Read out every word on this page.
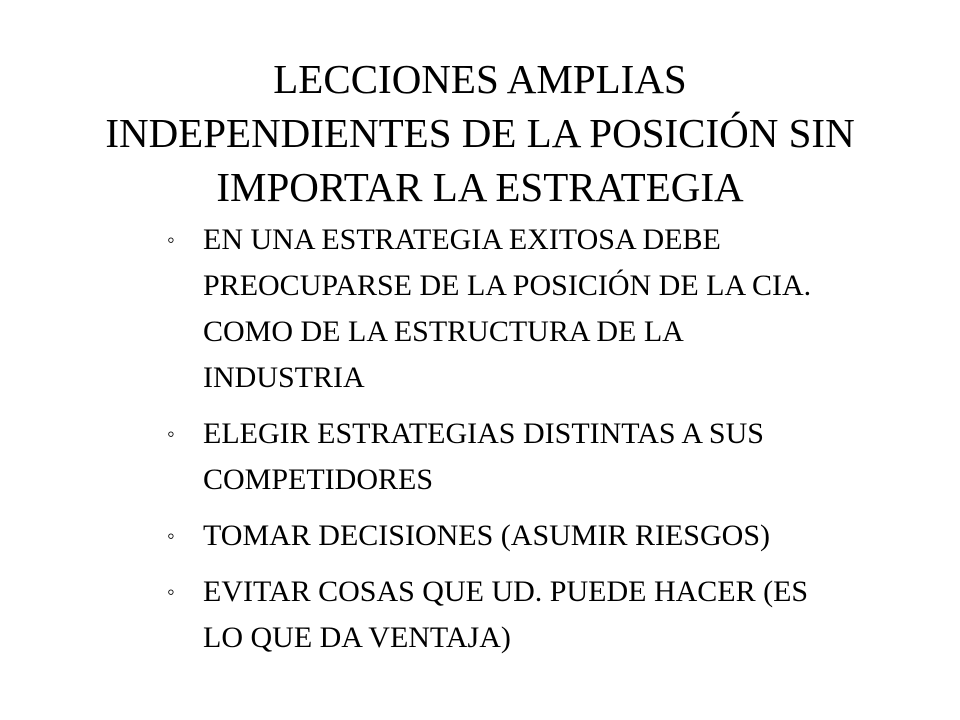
LECCIONES AMPLIAS
INDEPENDIENTES DE LA POSICIÓN SIN
IMPORTAR LA ESTRATEGIA
◦ EN UNA ESTRATEGIA EXITOSA DEBE
PREOCUPARSE DE LA POSICIÓN DE LA CIA.
COMO DE LA ESTRUCTURA DE LA
INDUSTRIA
◦ ELEGIR ESTRATEGIAS DISTINTAS A SUS
COMPETIDORES
◦ TOMAR DECISIONES (ASUMIR RIESGOS)
◦ EVITAR COSAS QUE UD. PUEDE HACER (ES
LO QUE DA VENTAJA)
